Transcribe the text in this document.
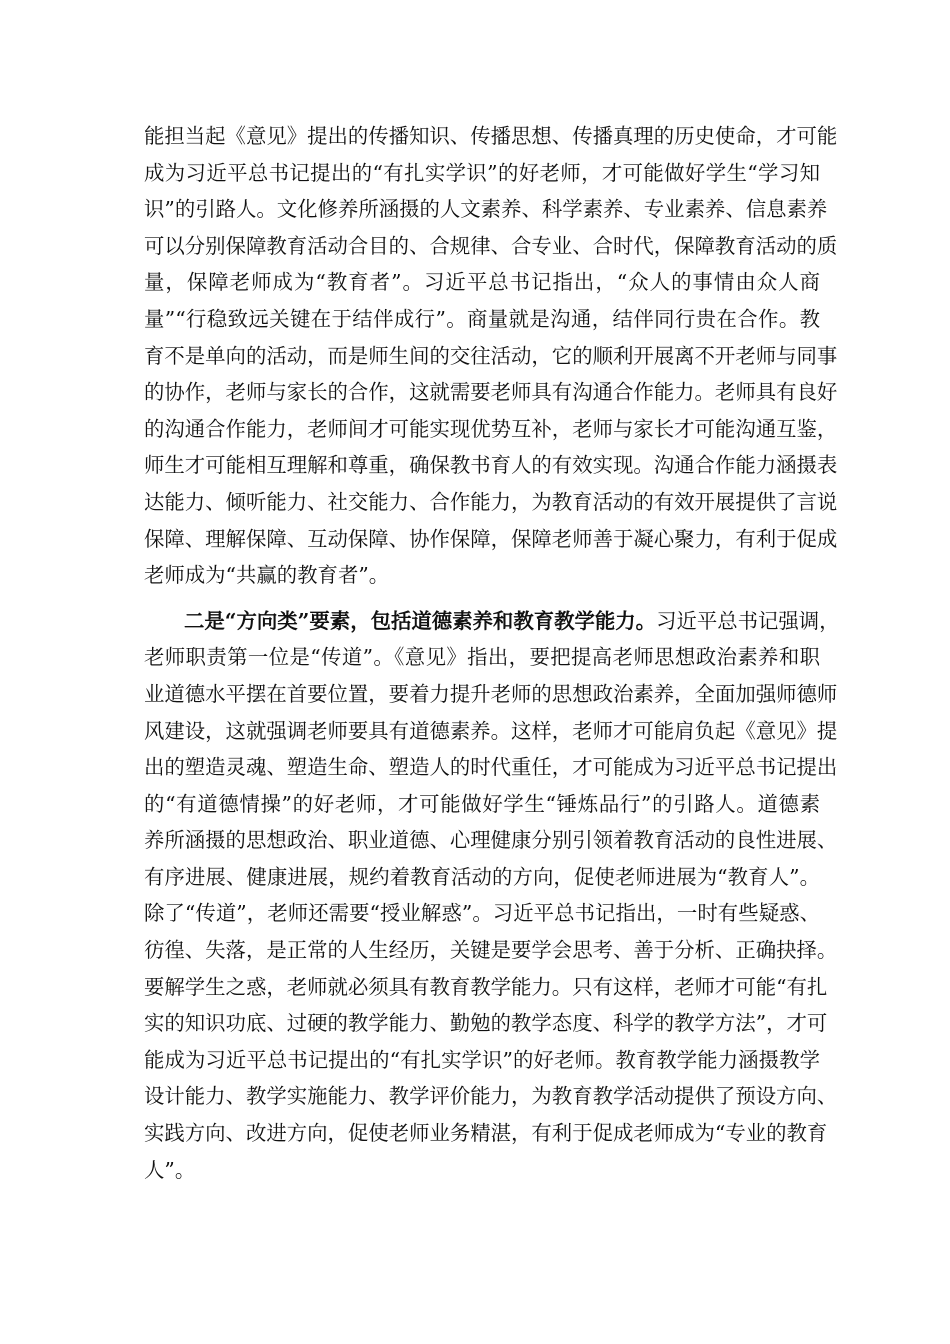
能担当起《意见》提出的传播知识、传播思想、传播真理的历史使命，才可能
成为习近平总书记提出的“有扎实学识”的好老师，才可能做好学生“学习知
识”的引路人。文化修养所涵摄的人文素养、科学素养、专业素养、信息素养
可以分别保障教育活动合目的、合规律、合专业、合时代，保障教育活动的质
量，保障老师成为“教育者”。习近平总书记指出，“众人的事情由众人商
量”“行稳致远关键在于结伴成行”。商量就是沟通，结伴同行贵在合作。教
育不是单向的活动，而是师生间的交往活动，它的顺利开展离不开老师与同事
的协作，老师与家长的合作，这就需要老师具有沟通合作能力。老师具有良好
的沟通合作能力，老师间才可能实现优势互补，老师与家长才可能沟通互鉴，
师生才可能相互理解和尊重，确保教书育人的有效实现。沟通合作能力涵摄表
达能力、倾听能力、社交能力、合作能力，为教育活动的有效开展提供了言说
保障、理解保障、互动保障、协作保障，保障老师善于凝心聚力，有利于促成
老师成为“共赢的教育者”。
二是“方向类”要素，包括道德素养和教育教学能力。习近平总书记强调，
老师职责第一位是“传道”。《意见》指出，要把提高老师思想政治素养和职
业道德水平摆在首要位置，要着力提升老师的思想政治素养，全面加强师德师
风建设，这就强调老师要具有道德素养。这样，老师才可能肩负起《意见》提
出的塑造灵魂、塑造生命、塑造人的时代重任，才可能成为习近平总书记提出
的“有道德情操”的好老师，才可能做好学生“锤炼品行”的引路人。道德素
养所涵摄的思想政治、职业道德、心理健康分别引领着教育活动的良性进展、
有序进展、健康进展，规约着教育活动的方向，促使老师进展为“教育人”。
除了“传道”，老师还需要“授业解惑”。习近平总书记指出，一时有些疑惑、
彷徨、失落，是正常的人生经历，关键是要学会思考、善于分析、正确抉择。
要解学生之惑，老师就必须具有教育教学能力。只有这样，老师才可能“有扎
实的知识功底、过硬的教学能力、勤勉的教学态度、科学的教学方法”，才可
能成为习近平总书记提出的“有扎实学识”的好老师。教育教学能力涵摄教学
设计能力、教学实施能力、教学评价能力，为教育教学活动提供了预设方向、
实践方向、改进方向，促使老师业务精湛，有利于促成老师成为“专业的教育
人”。
